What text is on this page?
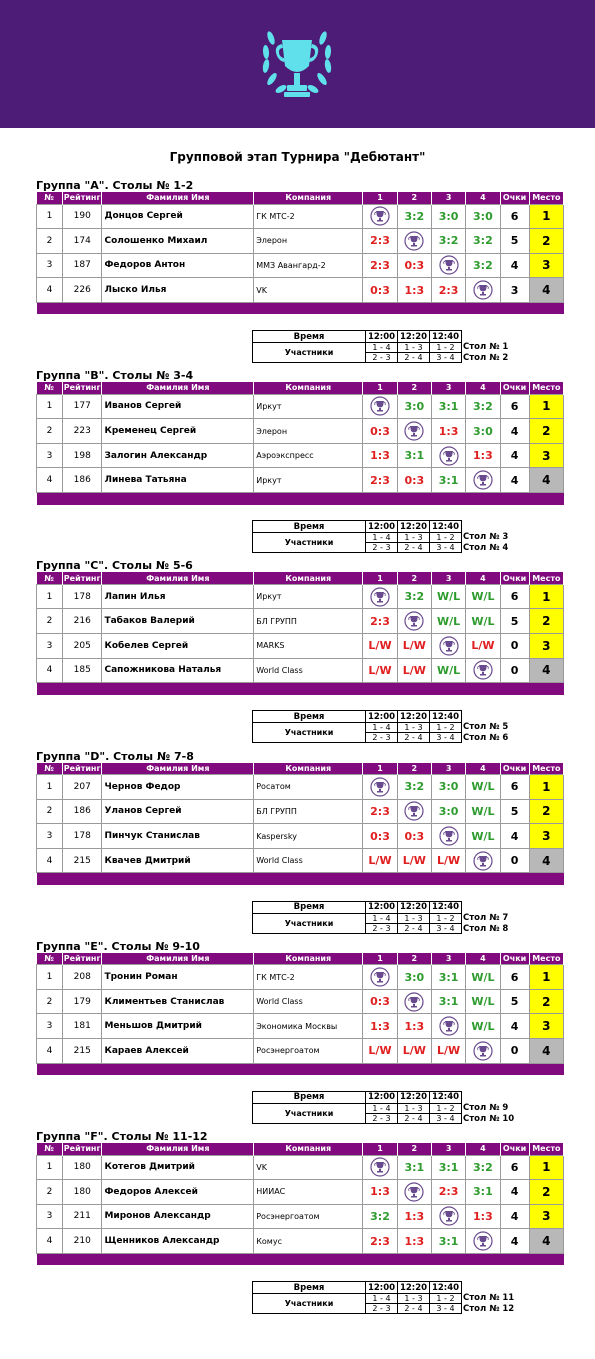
Групповой этап Турнира "Дебютант"
Группа "A". Столы № 1-2
№	Рейтинг	Фамилия Имя	Компания	1	2	3	4	Очки	Место
1	190	Донцов Сергей	ГК МТС-2		3:2	3:0	3:0	6	1
2	174	Солошенко Михаил	Элерон	2:3		3:2	3:2	5	2
3	187	Федоров Антон	ММЗ Авангард-2	2:3	0:3		3:2	4	3
4	226	Лыско Илья	VK	0:3	1:3	2:3		3	4

Время	12:00	12:20	12:40
Участники	1 - 4	1 - 3	1 - 2
	2 - 3	2 - 4	3 - 4
Стол № 1
Стол № 2
Группа "B". Столы № 3-4
№	Рейтинг	Фамилия Имя	Компания	1	2	3	4	Очки	Место
1	177	Иванов Сергей	Иркут		3:0	3:1	3:2	6	1
2	223	Кременец Сергей	Элерон	0:3		1:3	3:0	4	2
3	198	Залогин Александр	Аэроэкспресс	1:3	3:1		1:3	4	3
4	186	Линева Татьяна	Иркут	2:3	0:3	3:1		4	4

Время	12:00	12:20	12:40
Участники	1 - 4	1 - 3	1 - 2
	2 - 3	2 - 4	3 - 4
Стол № 3
Стол № 4
Группа "C". Столы № 5-6
№	Рейтинг	Фамилия Имя	Компания	1	2	3	4	Очки	Место
1	178	Лапин Илья	Иркут		3:2	W/L	W/L	6	1
2	216	Табаков Валерий	БЛ ГРУПП	2:3		W/L	W/L	5	2
3	205	Кобелев Сергей	MARKS	L/W	L/W		L/W	0	3
4	185	Сапожникова Наталья	World Class	L/W	L/W	W/L		0	4

Время	12:00	12:20	12:40
Участники	1 - 4	1 - 3	1 - 2
	2 - 3	2 - 4	3 - 4
Стол № 5
Стол № 6
Группа "D". Столы № 7-8
№	Рейтинг	Фамилия Имя	Компания	1	2	3	4	Очки	Место
1	207	Чернов Федор	Росатом		3:2	3:0	W/L	6	1
2	186	Уланов Сергей	БЛ ГРУПП	2:3		3:0	W/L	5	2
3	178	Пинчук Станислав	Kaspersky	0:3	0:3		W/L	4	3
4	215	Квачев Дмитрий	World Class	L/W	L/W	L/W		0	4

Время	12:00	12:20	12:40
Участники	1 - 4	1 - 3	1 - 2
	2 - 3	2 - 4	3 - 4
Стол № 7
Стол № 8
Группа "E". Столы № 9-10
№	Рейтинг	Фамилия Имя	Компания	1	2	3	4	Очки	Место
1	208	Тронин Роман	ГК МТС-2		3:0	3:1	W/L	6	1
2	179	Климентьев Станислав	World Class	0:3		3:1	W/L	5	2
3	181	Меньшов Дмитрий	Экономика Москвы	1:3	1:3		W/L	4	3
4	215	Караев Алексей	Росэнергоатом	L/W	L/W	L/W		0	4

Время	12:00	12:20	12:40
Участники	1 - 4	1 - 3	1 - 2
	2 - 3	2 - 4	3 - 4
Стол № 9
Стол № 10
Группа "F". Столы № 11-12
№	Рейтинг	Фамилия Имя	Компания	1	2	3	4	Очки	Место
1	180	Котегов Дмитрий	VK		3:1	3:1	3:2	6	1
2	180	Федоров Алексей	НИИАС	1:3		2:3	3:1	4	2
3	211	Миронов Александр	Росэнергоатом	3:2	1:3		1:3	4	3
4	210	Щенников Александр	Комус	2:3	1:3	3:1		4	4

Время	12:00	12:20	12:40
Участники	1 - 4	1 - 3	1 - 2
	2 - 3	2 - 4	3 - 4
Стол № 11
Стол № 12
